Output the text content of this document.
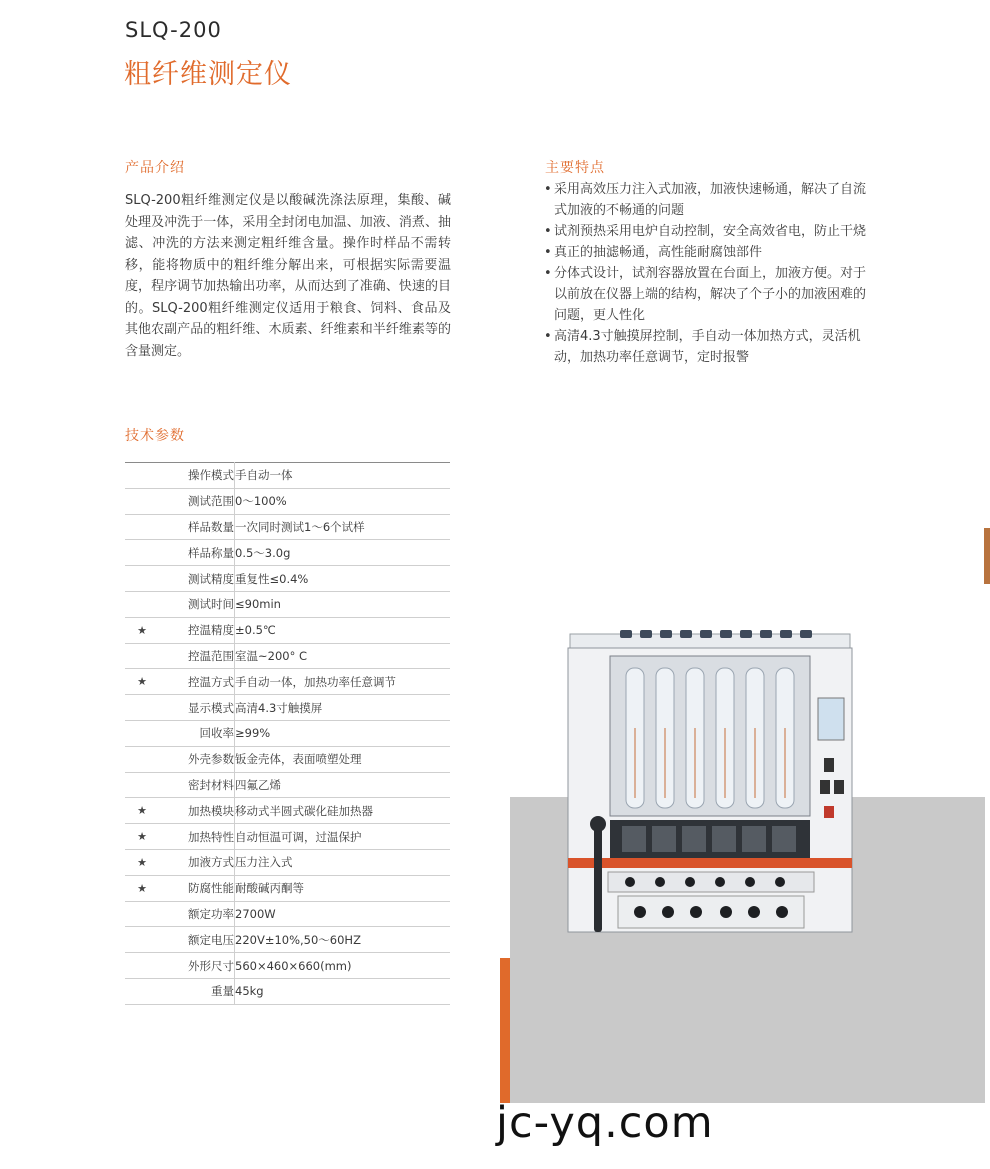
SLQ-200
粗纤维测定仪
产品介绍
SLQ-200粗纤维测定仪是以酸碱洗涤法原理，集酸、碱处理及冲洗于一体，采用全封闭电加温、加液、消煮、抽滤、冲洗的方法来测定粗纤维含量。操作时样品不需转移，能将物质中的粗纤维分解出来，可根据实际需要温度，程序调节加热输出功率，从而达到了准确、快速的目的。SLQ-200粗纤维测定仪适用于粮食、饲料、食品及其他农副产品的粗纤维、木质素、纤维素和半纤维素等的含量测定。
主要特点
• 采用高效压力注入式加液，加液快速畅通，解决了自流式加液的不畅通的问题
• 试剂预热采用电炉自动控制，安全高效省电，防止干烧
• 真正的抽滤畅通，高性能耐腐蚀部件
• 分体式设计，试剂容器放置在台面上，加液方便。对于以前放在仪器上端的结构，解决了个子小的加液困难的问题，更人性化
• 高清4.3寸触摸屏控制，手自动一体加热方式，灵活机动，加热功率任意调节，定时报警
技术参数
	操作模式	手自动一体
	测试范围	0～100%
	样品数量	一次同时测试1～6个试样
	样品称量	0.5～3.0g
	测试精度	重复性≤0.4%
	测试时间	≤90min
★	控温精度	±0.5℃
	控温范围	室温~200° C
★	控温方式	手自动一体，加热功率任意调节
	显示模式	高清4.3寸触摸屏
	回收率	≥99%
	外壳参数	钣金壳体，表面喷塑处理
	密封材料	四氟乙烯
★	加热模块	移动式半圆式碳化硅加热器
★	加热特性	自动恒温可调，过温保护
★	加液方式	压力注入式
★	防腐性能	耐酸碱丙酮等
	额定功率	2700W
	额定电压	220V±10%,50～60HZ
	外形尺寸	560×460×660(mm)
	重量	45kg
jc-yq.com
